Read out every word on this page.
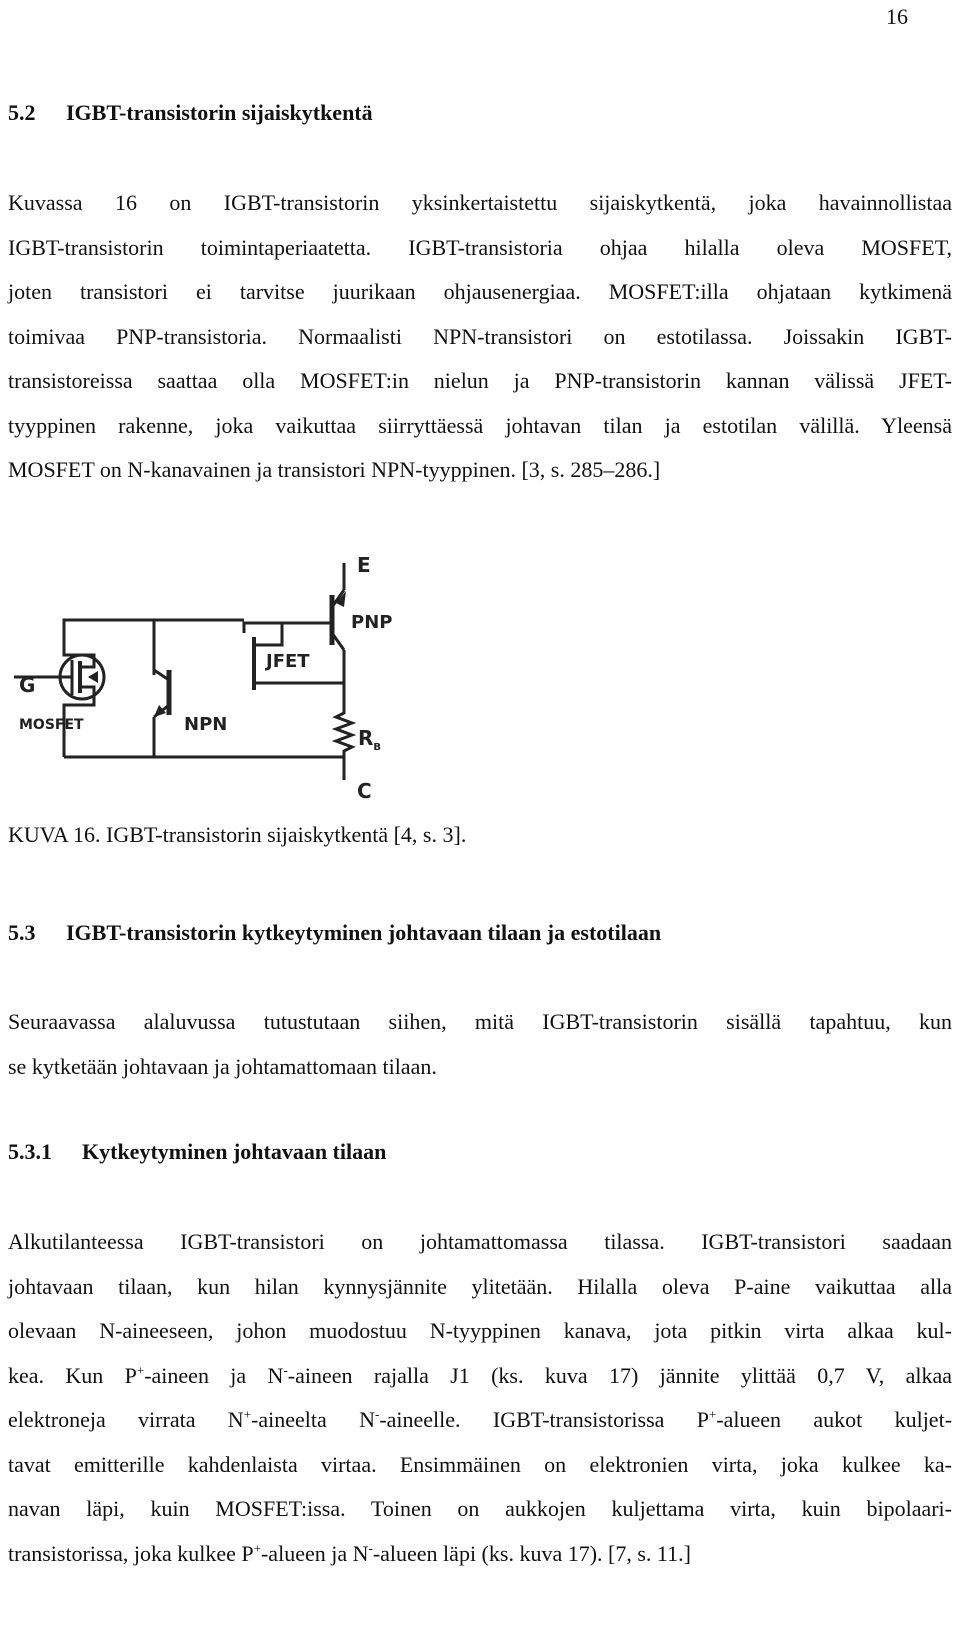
16
5.2 IGBT-transistorin sijaiskytkentä
Kuvassa 16 on IGBT-transistorin yksinkertaistettu sijaiskytkentä, joka havainnollistaa
IGBT-transistorin toimintaperiaatetta. IGBT-transistoria ohjaa hilalla oleva MOSFET,
joten transistori ei tarvitse juurikaan ohjausenergiaa. MOSFET:illa ohjataan kytkimenä
toimivaa PNP-transistoria. Normaalisti NPN-transistori on estotilassa. Joissakin IGBT-
transistoreissa saattaa olla MOSFET:in nielun ja PNP-transistorin kannan välissä JFET-
tyyppinen rakenne, joka vaikuttaa siirryttäessä johtavan tilan ja estotilan välillä. Yleensä
MOSFET on N-kanavainen ja transistori NPN-tyyppinen. [3, s. 285–286.]
E
PNP
JFET
G
MOSFET	NPN
$R_B$
C
KUVA 16. IGBT-transistorin sijaiskytkentä [4, s. 3].
5.3 IGBT-transistorin kytkeytyminen johtavaan tilaan ja estotilaan
Seuraavassa alaluvussa tutustutaan siihen, mitä IGBT-transistorin sisällä tapahtuu, kun
se kytketään johtavaan ja johtamattomaan tilaan.
5.3.1 Kytkeytyminen johtavaan tilaan
Alkutilanteessa IGBT-transistori on johtamattomassa tilassa. IGBT-transistori saadaan
johtavaan tilaan, kun hilan kynnysjännite ylitetään. Hilalla oleva P-aine vaikuttaa alla
olevaan N-aineeseen, johon muodostuu N-tyyppinen kanava, jota pitkin virta alkaa kul-
kea. Kun P+-aineen ja N--aineen rajalla J1 (ks. kuva 17) jännite ylittää 0,7 V, alkaa
elektroneja virrata N+-aineelta N--aineelle. IGBT-transistorissa P+-alueen aukot kuljet-
tavat emitterille kahdenlaista virtaa. Ensimmäinen on elektronien virta, joka kulkee ka-
navan läpi, kuin MOSFET:issa. Toinen on aukkojen kuljettama virta, kuin bipolaari-
transistorissa, joka kulkee P+-alueen ja N--alueen läpi (ks. kuva 17). [7, s. 11.]
